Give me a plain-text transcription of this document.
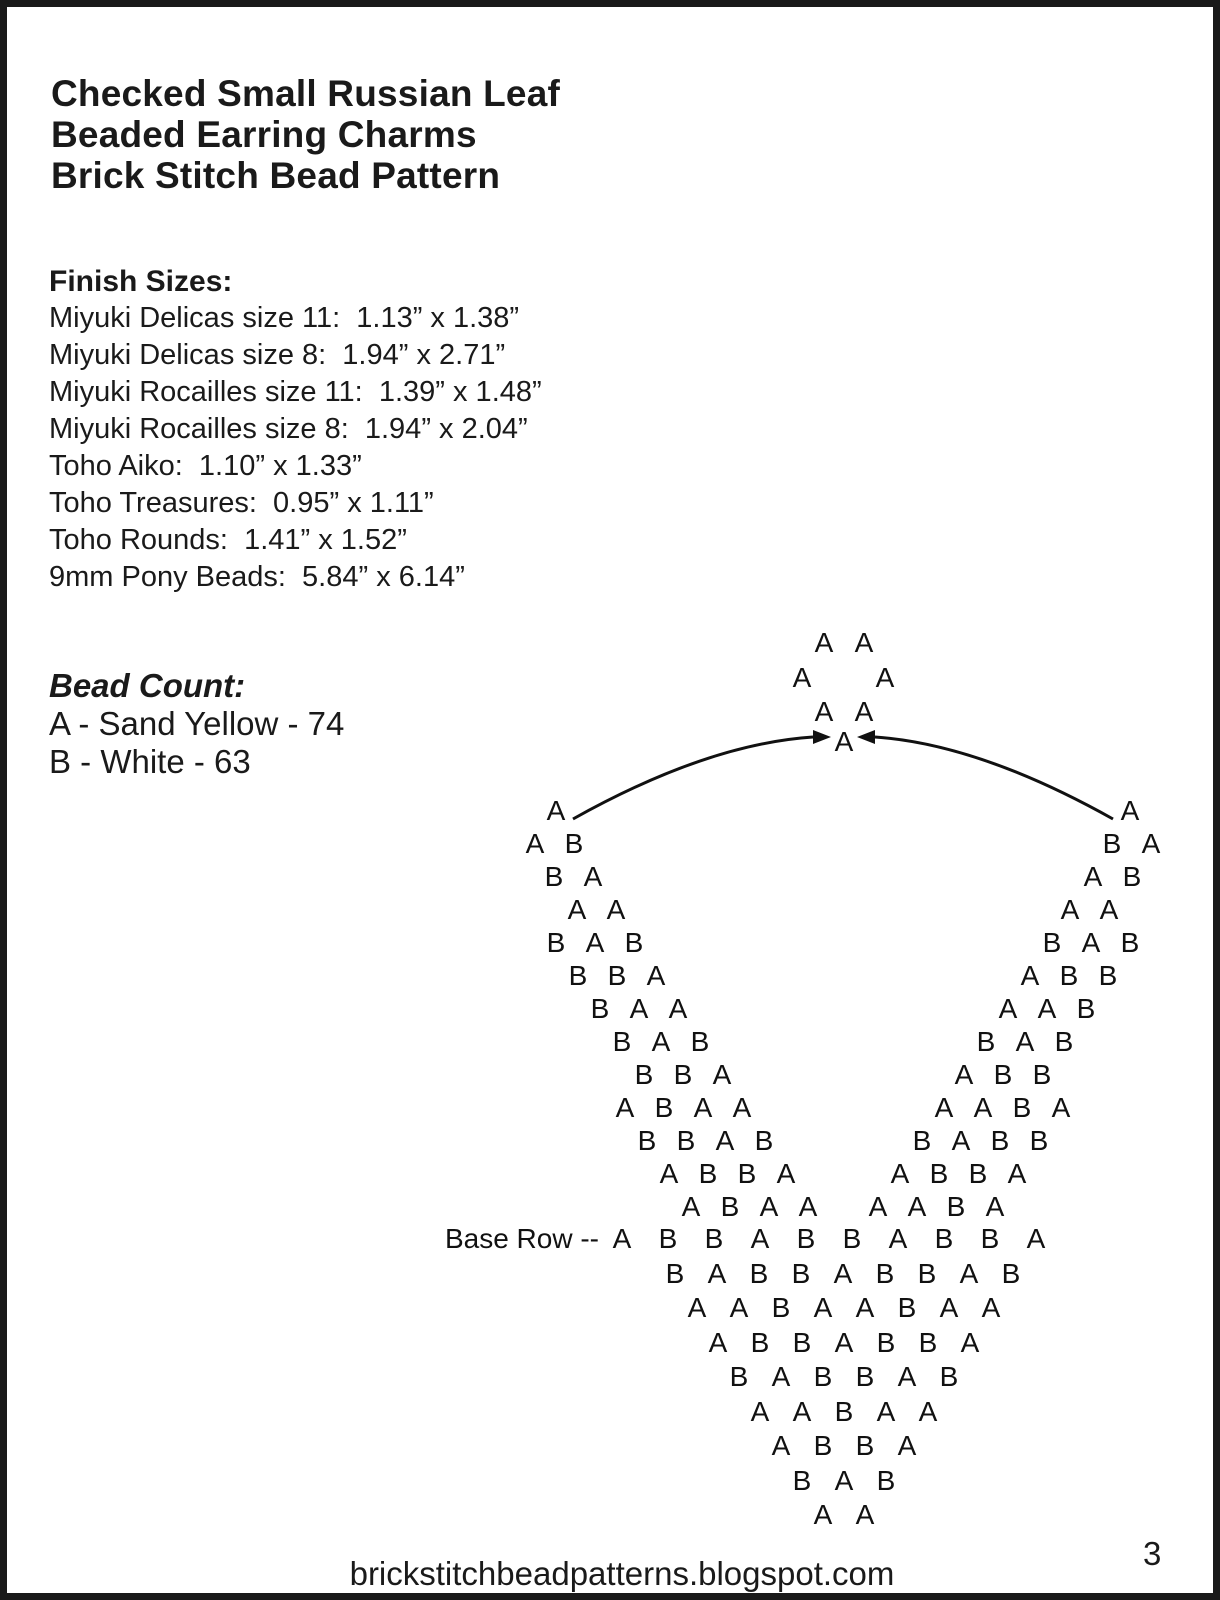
Checked Small Russian Leaf
Beaded Earring Charms
Brick Stitch Bead Pattern
Finish Sizes:
Miyuki Delicas size 11:  1.13” x 1.38”
Miyuki Delicas size 8:  1.94” x 2.71”
Miyuki Rocailles size 11:  1.39” x 1.48”
Miyuki Rocailles size 8:  1.94” x 2.04”
Toho Aiko:  1.10” x 1.33”
Toho Treasures:  0.95” x 1.11”
Toho Rounds:  1.41” x 1.52”
9mm Pony Beads:  5.84” x 6.14”
Bead Count:
A - Sand Yellow - 74
B - White - 63
Base Row --
A A
A A
A A
A
A
A B
B A
A A
B A B
B B A
B A A
B A B
B B A
A B A A
B B A B
A B B A
A B A A
A
B A
A B
A A
B A B
A B B
A A B
B A B
A B B
A A B A
B A B B
A B B A
A A B A
A B B A B B A B B A
B A B B A B B A B
A A B A A B A A
A B B A B B A
B A B B A B
A A B A A
A B B A
B A B
A A
brickstitchbeadpatterns.blogspot.com
3
